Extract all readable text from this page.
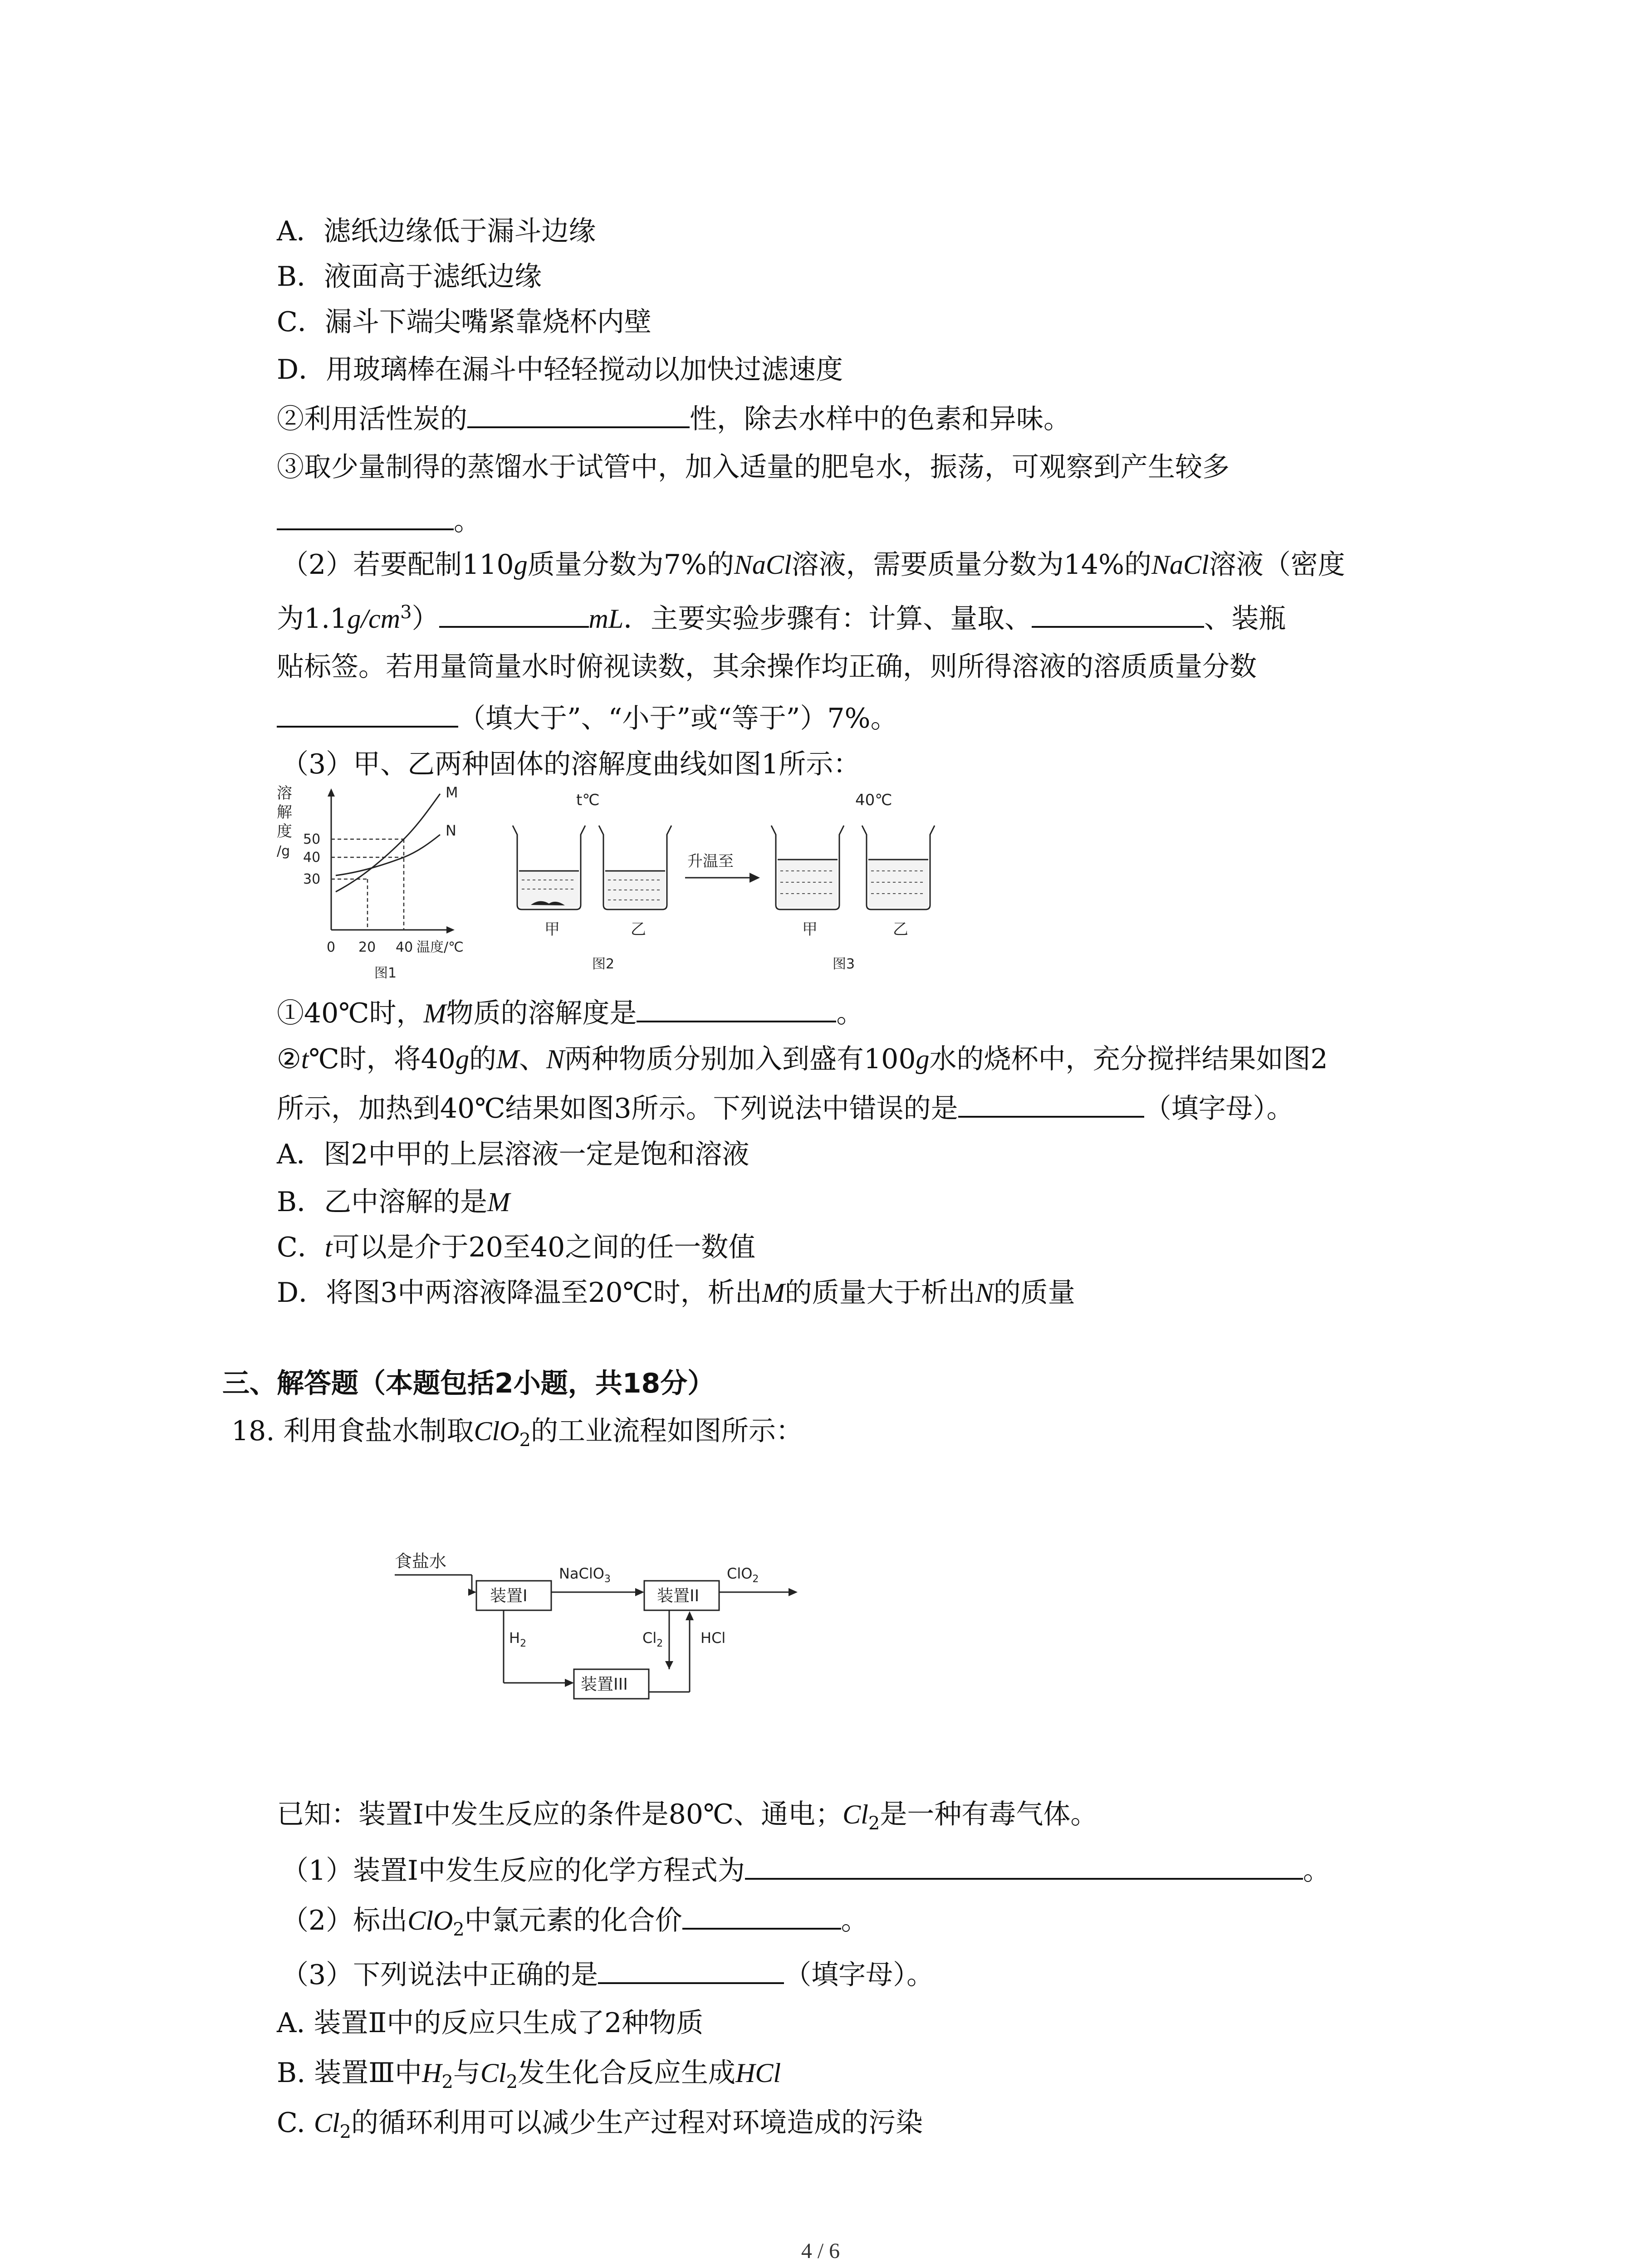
A．滤纸边缘低于漏斗边缘
B．液面高于滤纸边缘
C．漏斗下端尖嘴紧靠烧杯内壁
D．用玻璃棒在漏斗中轻轻搅动以加快过滤速度
②利用活性炭的	性，除去水样中的色素和异味。
③取少量制得的蒸馏水于试管中，加入适量的肥皂水，振荡，可观察到产生较多
。
（2）若要配制110g质量分数为7%的NaCl溶液，需要质量分数为14%的NaCl溶液（密度
为$1.1g/cm^3$）	mL．主要实验步骤有：计算、量取、	、装瓶
贴标签。若用量筒量水时俯视读数，其余操作均正确，则所得溶液的溶质质量分数
（填大于”、“小于”或“等于”）7%。
（3）甲、乙两种固体的溶解度曲线如图1所示：
溶
解
度
/g
50
40
30
M
N
0 20 40 温度/℃
图1
t℃
甲	乙
图2
升温至
40℃
甲	乙
图3
①40℃时，M物质的溶解度是	。
②t℃时，将40g的M、N两种物质分别加入到盛有100g水的烧杯中，充分搅拌结果如图2
所示，加热到40℃结果如图3所示。下列说法中错误的是	（填字母）。
A．图2中甲的上层溶液一定是饱和溶液
B．乙中溶解的是M
C．t可以是介于20至40之间的任一数值
D．将图3中两溶液降温至20℃时，析出M的质量大于析出N的质量
三、解答题（本题包括2小题，共18分）
18. 利用食盐水制取ClO$_2$的工业流程如图所示：
食盐水
装置I
NaClO$_3$
装置II
ClO$_2$
$H_2$
装置III
$Cl_2$	HCl
已知：装置Ⅰ中发生反应的条件是80℃、通电；$Cl_2$是一种有毒气体。
（1）装置Ⅰ中发生反应的化学方程式为	。
（2）标出ClO$_2$中氯元素的化合价	。
（3）下列说法中正确的是	（填字母）。
A. 装置Ⅱ中的反应只生成了2种物质
B. 装置Ⅲ中$H_2$与$Cl_2$发生化合反应生成HCl
C. $Cl_2$的循环利用可以减少生产过程对环境造成的污染
4 / 6
